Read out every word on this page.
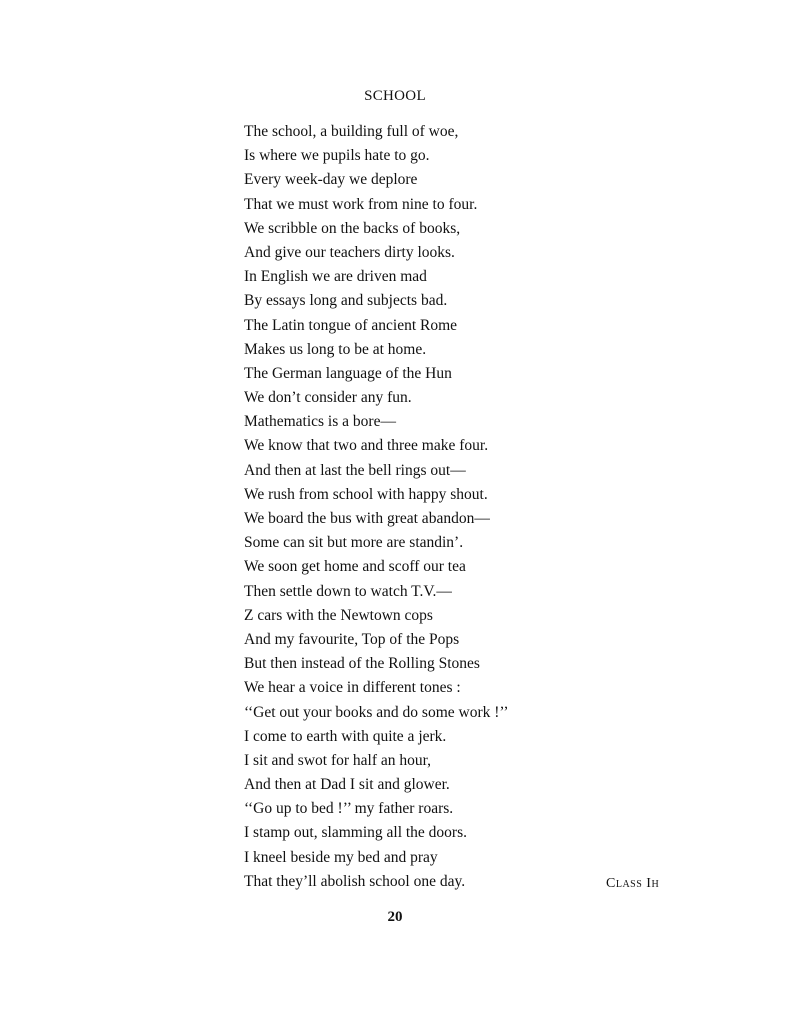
SCHOOL
The school, a building full of woe,
Is where we pupils hate to go.
Every week-day we deplore
That we must work from nine to four.
We scribble on the backs of books,
And give our teachers dirty looks.
In English we are driven mad
By essays long and subjects bad.
The Latin tongue of ancient Rome
Makes us long to be at home.
The German language of the Hun
We don’t consider any fun.
Mathematics is a bore—
We know that two and three make four.
And then at last the bell rings out—
We rush from school with happy shout.
We board the bus with great abandon—
Some can sit but more are standin’.
We soon get home and scoff our tea
Then settle down to watch T.V.—
Z cars with the Newtown cops
And my favourite, Top of the Pops
But then instead of the Rolling Stones
We hear a voice in different tones :
‘‘Get out your books and do some work !’’
I come to earth with quite a jerk.
I sit and swot for half an hour,
And then at Dad I sit and glower.
‘‘Go up to bed !’’ my father roars.
I stamp out, slamming all the doors.
I kneel beside my bed and pray
That they’ll abolish school one day.	Class Ih
20
